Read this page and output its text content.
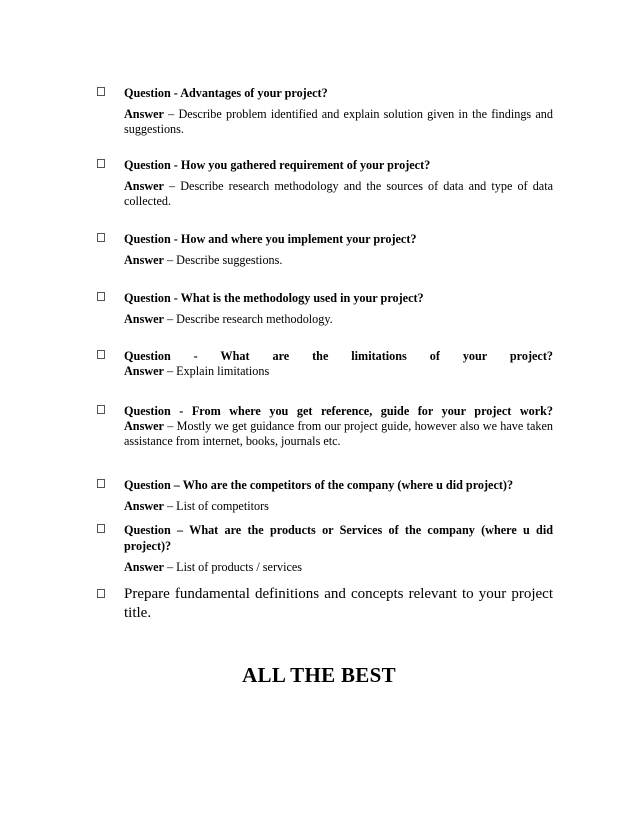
Question - Advantages of your project?
Answer – Describe problem identified and explain solution given in the findings and suggestions.
Question - How you gathered requirement of your project?
Answer – Describe research methodology and the sources of data and type of data collected.
Question - How and where you implement your project?
Answer – Describe suggestions.
Question - What is the methodology used in your project?
Answer – Describe research methodology.
Question - What are the limitations of your project?
Answer – Explain limitations
Question - From where you get reference, guide for your project work?
Answer – Mostly we get guidance from our project guide, however also we have taken assistance from internet, books, journals etc.
Question – Who are the competitors of the company (where u did project)?
Answer – List of competitors
Question – What are the products or Services of the company (where u did project)?
Answer – List of products / services
Prepare fundamental definitions and concepts relevant to your project title.
ALL THE BEST
